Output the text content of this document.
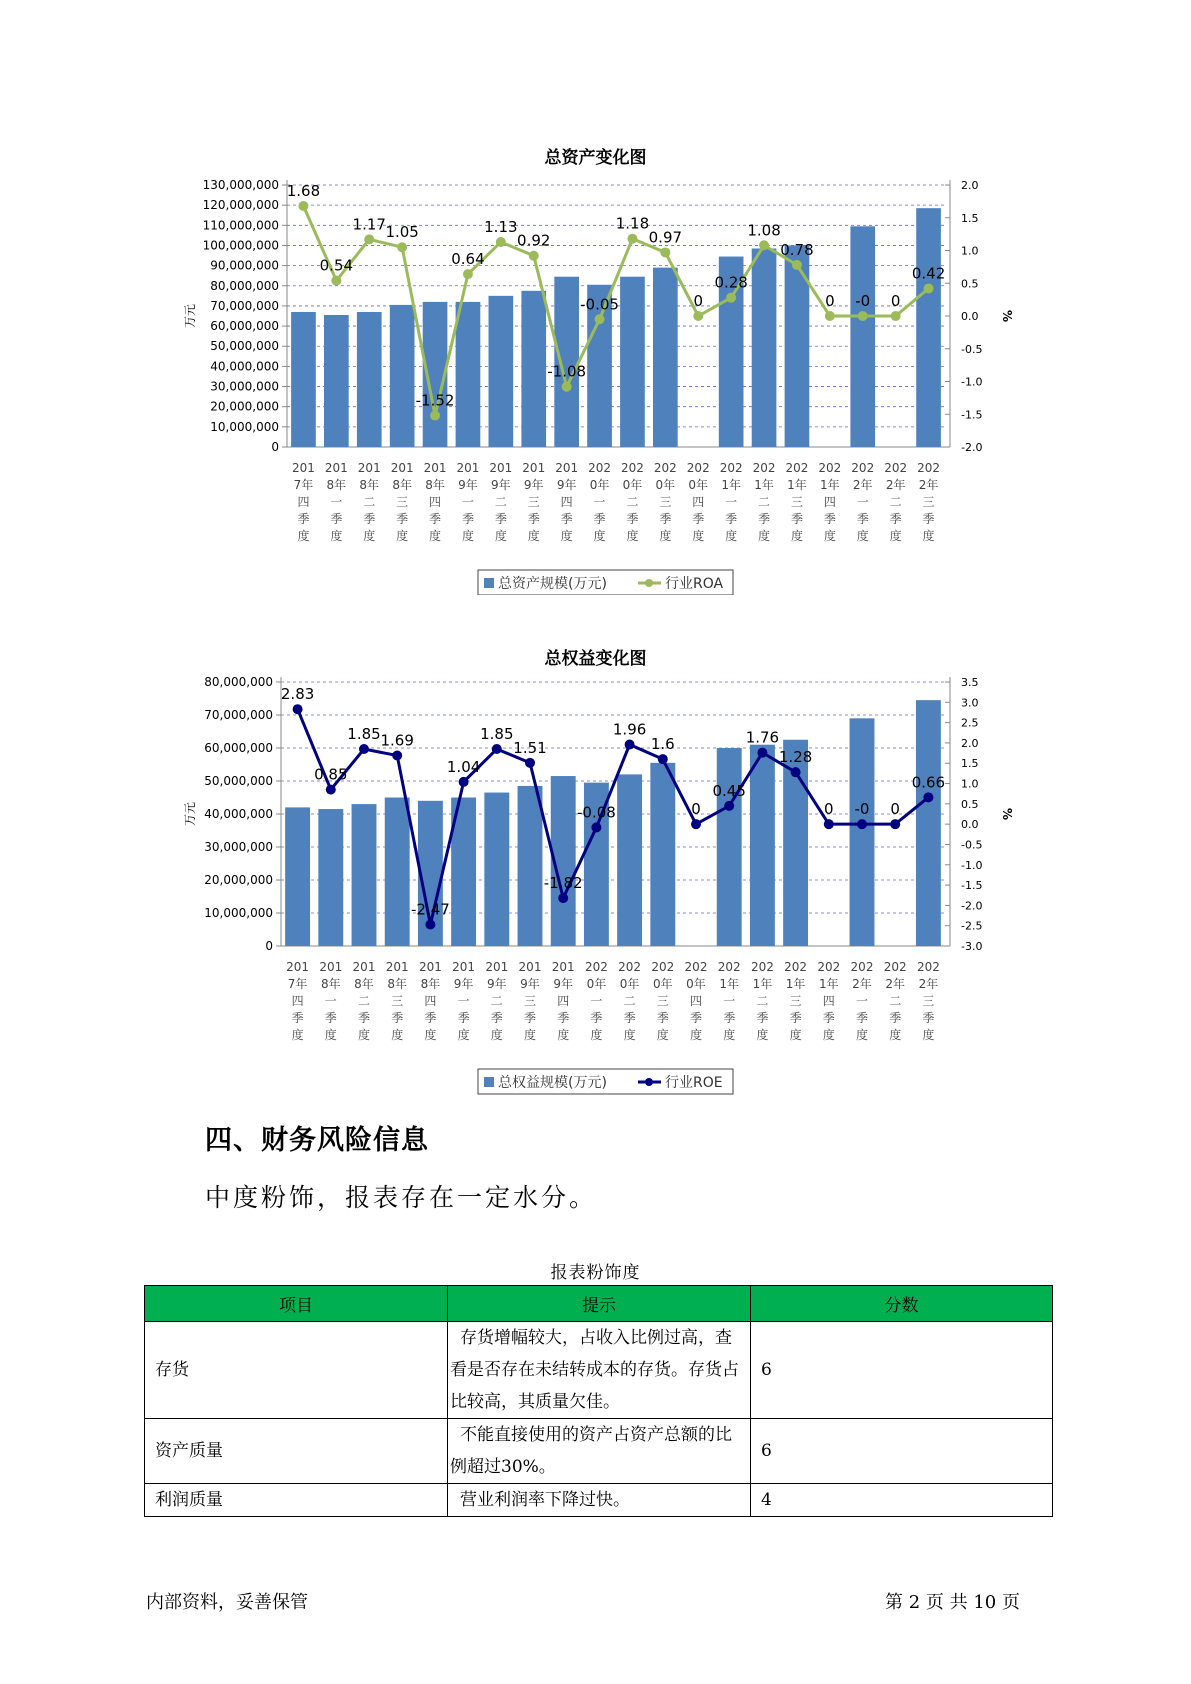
总资产变化图
130,000,000
120,000,000
110,000,000
100,000,000
90,000,000
80,000,000
70,000,000
60,000,000
50,000,000
40,000,000
30,000,000
20,000,000
10,000,000
0
2.0
1.5
1.0
0.5
0.0
-0.5
-1.0
-1.5
-2.0
万元	%
1.68
0.54
1.17 1.05
-1.52
0.64
1.13
0.92
-1.08
-0.05
1.18
0.97
0
0.28
1.08
0.78
0 -0 0
0.42
201 7年四季度
201 8年一季度
201 8年二季度
201 8年三季度
201 8年四季度
201 9年一季度
201 9年二季度
201 9年三季度
201 9年四季度
202 0年一季度
202 0年二季度
202 0年三季度
202 0年四季度
202 1年一季度
202 1年二季度
202 1年三季度
202 1年四季度
202 2年一季度
202 2年二季度
202 2年三季度
总资产规模(万元)	行业ROA
总权益变化图
80,000,000
70,000,000
60,000,000
50,000,000
40,000,000
30,000,000
20,000,000
10,000,000
0
3.5
3.0
2.5
2.0
1.5
1.0
0.5
0.0
-0.5
-1.0
-1.5
-2.0
-2.5
-3.0
万元	%
2.83
0.85
1.85 1.69
-2.47
1.04
1.85
1.51
-1.82
-0.08
1.96
1.6
0
0.45
1.76
1.28
0 -0 0
0.66
201 7年四季度
201 8年一季度
201 8年二季度
201 8年三季度
201 8年四季度
201 9年一季度
201 9年二季度
201 9年三季度
201 9年四季度
202 0年一季度
202 0年二季度
202 0年三季度
202 0年四季度
202 1年一季度
202 1年二季度
202 1年三季度
202 1年四季度
202 2年一季度
202 2年二季度
202 2年三季度
总权益规模(万元)	行业ROE
四、财务风险信息
中度粉饰，报表存在一定水分。
报表粉饰度
项目	提示	分数
存货	存货增幅较大，占收入比例过高，查看是否存在未结转成本的存货。存货占比较高，其质量欠佳。	6
资产质量	不能直接使用的资产占资产总额的比例超过30%。	6
利润质量	营业利润率下降过快。	4
内部资料，妥善保管	第 2 页 共 10 页
